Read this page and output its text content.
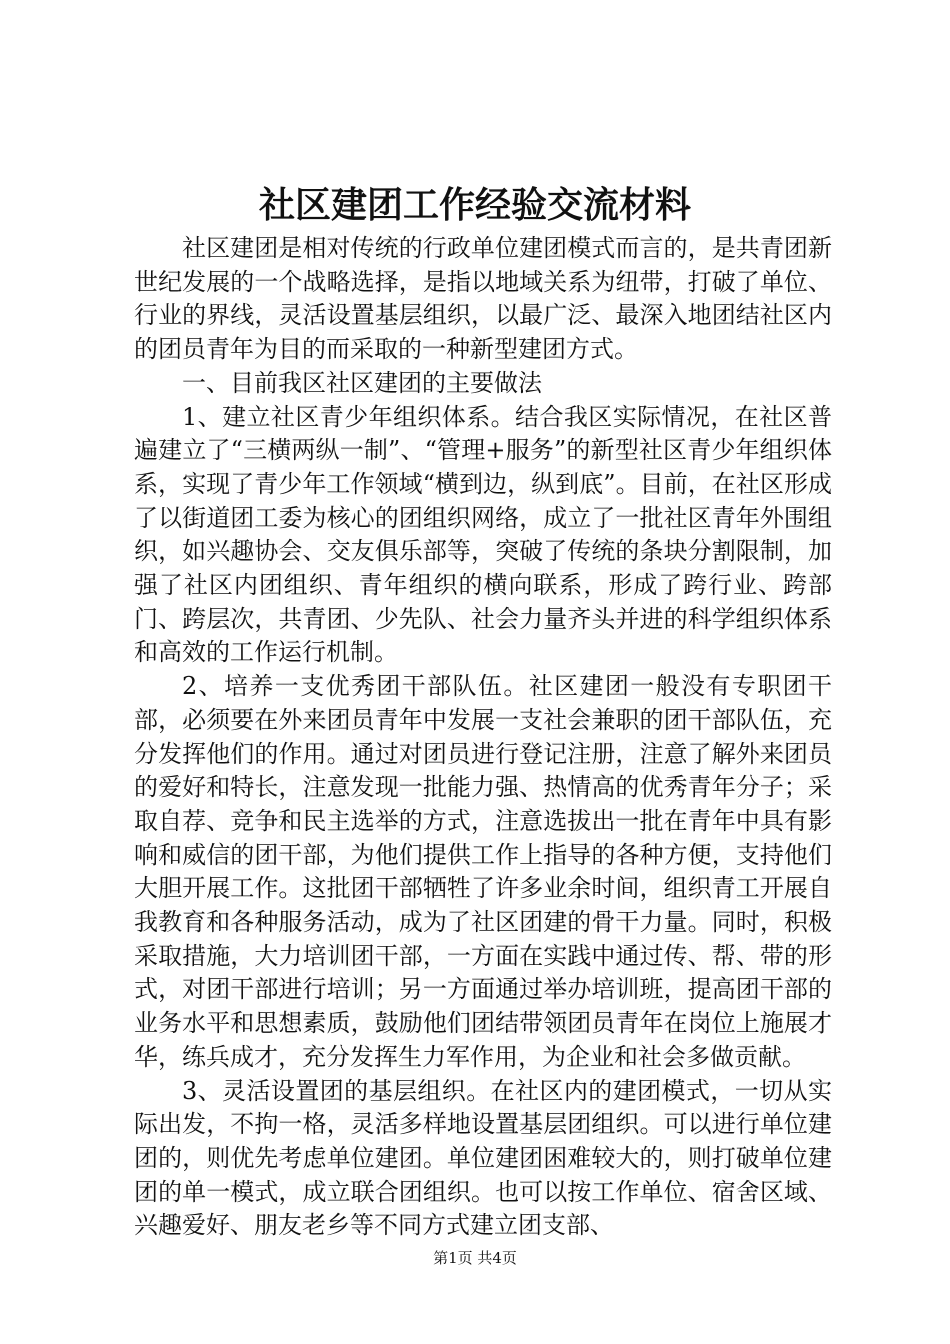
社区建团工作经验交流材料

社区建团是相对传统的行政单位建团模式而言的，是共青团新世纪发展的一个战略选择，是指以地域关系为纽带，打破了单位、行业的界线，灵活设置基层组织，以最广泛、最深入地团结社区内的团员青年为目的而采取的一种新型建团方式。

一、目前我区社区建团的主要做法

1、建立社区青少年组织体系。结合我区实际情况，在社区普遍建立了“三横两纵一制”、“管理+服务”的新型社区青少年组织体系，实现了青少年工作领域“横到边，纵到底”。目前，在社区形成了以街道团工委为核心的团组织网络，成立了一批社区青年外围组织，如兴趣协会、交友俱乐部等，突破了传统的条块分割限制，加强了社区内团组织、青年组织的横向联系，形成了跨行业、跨部门、跨层次，共青团、少先队、社会力量齐头并进的科学组织体系和高效的工作运行机制。

2、培养一支优秀团干部队伍。社区建团一般没有专职团干部，必须要在外来团员青年中发展一支社会兼职的团干部队伍，充分发挥他们的作用。通过对团员进行登记注册，注意了解外来团员的爱好和特长，注意发现一批能力强、热情高的优秀青年分子；采取自荐、竞争和民主选举的方式，注意选拔出一批在青年中具有影响和威信的团干部，为他们提供工作上指导的各种方便，支持他们大胆开展工作。这批团干部牺牲了许多业余时间，组织青工开展自我教育和各种服务活动，成为了社区团建的骨干力量。同时，积极采取措施，大力培训团干部，一方面在实践中通过传、帮、带的形式，对团干部进行培训；另一方面通过举办培训班，提高团干部的业务水平和思想素质，鼓励他们团结带领团员青年在岗位上施展才华，练兵成才，充分发挥生力军作用，为企业和社会多做贡献。

3、灵活设置团的基层组织。在社区内的建团模式，一切从实际出发，不拘一格，灵活多样地设置基层团组织。可以进行单位建团的，则优先考虑单位建团。单位建团困难较大的，则打破单位建团的单一模式，成立联合团组织。也可以按工作单位、宿舍区域、兴趣爱好、朋友老乡等不同方式建立团支部、

第1页 共4页
